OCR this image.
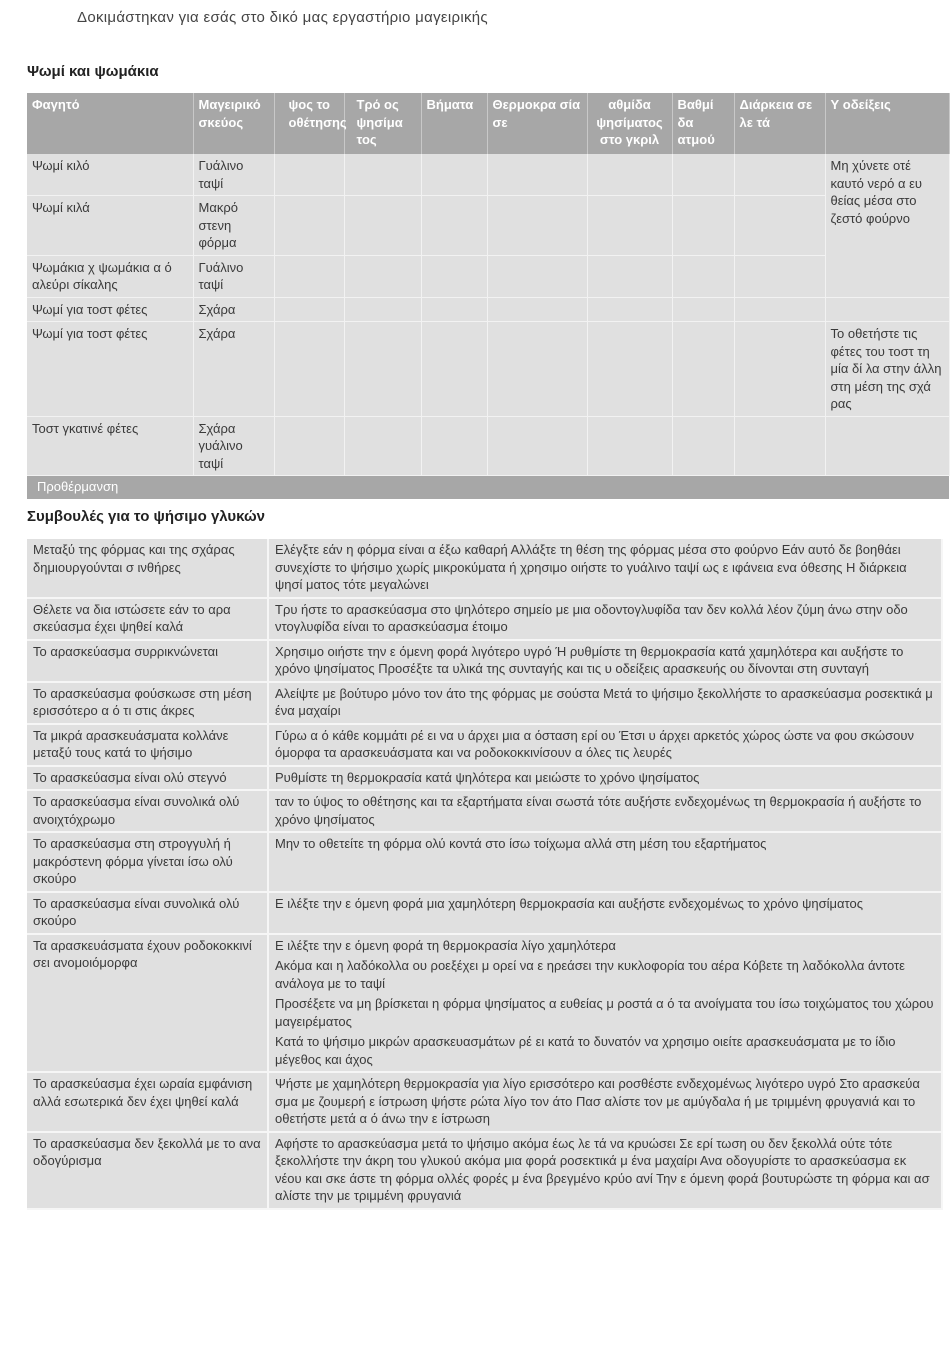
Δοκιμάστηκαν για εσάς στο δικό μας εργαστήριο μαγειρικής
Ψωμί και ψωμάκια
Φαγητό	Μαγειρικό σκεύος	ψος το οθέτησης	Τρό ος ψησίμα τος	Βήματα	Θερμοκρα σία σε	αθμίδα ψησίματος στο γκριλ	Βαθμί δα ατμού	Διάρκεια σε λε τά	Υ οδείξεις
Ψωμί κιλό	Γυάλινο ταψί								Μη χύνετε οτέ καυτό νερό α ευ θείας μέσα στο ζεστό φούρνο
Ψωμί κιλά	Μακρό στενη φόρμα								
Ψωμάκια χ ψωμάκια α ό αλεύρι σίκαλης	Γυάλινο ταψί								
Ψωμί για τοστ φέτες	Σχάρα								
Ψωμί για τοστ φέτες	Σχάρα								Το οθετήστε τις φέτες του τοστ τη μία δί λα στην άλλη στη μέση της σχά ρας
Τοστ γκατινέ φέτες	Σχάρα γυάλινο ταψί								
Προθέρμανση									
Συμβουλές για το ψήσιμο γλυκών
Μεταξύ της φόρμας και της σχάρας δημιουργούνται σ ινθήρες	Ελέγξτε εάν η φόρμα είναι α έξω καθαρή Αλλάξτε τη θέση της φόρμας μέσα στο φούρνο Εάν αυτό δε βοηθάει συνεχίστε το ψήσιμο χωρίς μικροκύματα ή χρησιμο οιήστε το γυάλινο ταψί ως ε ιφάνεια ενα όθεσης Η διάρκεια ψησί ματος τότε μεγαλώνει

Θέλετε να δια ιστώσετε εάν το αρα σκεύασμα έχει ψηθεί καλά	Τρυ ήστε το αρασκεύασμα στο ψηλότερο σημείο με μια οδοντογλυφίδα ταν δεν κολλά λέον ζύμη άνω στην οδο ντογλυφίδα είναι το αρασκεύασμα έτοιμο

Το αρασκεύασμα συρρικνώνεται	Χρησιμο οιήστε την ε όμενη φορά λιγότερο υγρό Ή ρυθμίστε τη θερμοκρασία κατά χαμηλότερα και αυξήστε το χρόνο ψησίματος Προσέξτε τα υλικά της συνταγής και τις υ οδείξεις αρασκευής ου δίνονται στη συνταγή

Το αρασκεύασμα φούσκωσε στη μέση ερισσότερο α ό τι στις άκρες	Αλείψτε με βούτυρο μόνο τον άτο της φόρμας με σούστα Μετά το ψήσιμο ξεκολλήστε το αρασκεύασμα ροσεκτικά μ ένα μαχαίρι

Τα μικρά αρασκευάσματα κολλάνε μεταξύ τους κατά το ψήσιμο	Γύρω α ό κάθε κομμάτι ρέ ει να υ άρχει μια α όσταση ερί ου Έτσι υ άρχει αρκετός χώρος ώστε να φου σκώσουν όμορφα τα αρασκευάσματα και να ροδοκοκκινίσουν α όλες τις λευρές

Το αρασκεύασμα είναι ολύ στεγνό	Ρυθμίστε τη θερμοκρασία κατά ψηλότερα και μειώστε το χρόνο ψησίματος

Το αρασκεύασμα είναι συνολικά ολύ ανοιχτόχρωμο	ταν το ύψος το οθέτησης και τα εξαρτήματα είναι σωστά τότε αυξήστε ενδεχομένως τη θερμοκρασία ή αυξήστε το χρόνο ψησίματος

Το αρασκεύασμα στη στρογγυλή ή μακρόστενη φόρμα γίνεται ίσω ολύ σκούρο	Μην το οθετείτε τη φόρμα ολύ κοντά στο ίσω τοίχωμα αλλά στη μέση του εξαρτήματος

Το αρασκεύασμα είναι συνολικά ολύ σκούρο	Ε ιλέξτε την ε όμενη φορά μια χαμηλότερη θερμοκρασία και αυξήστε ενδεχομένως το χρόνο ψησίματος

Τα αρασκευάσματα έχουν ροδοκοκκινί σει ανομοιόμορφα	Ε ιλέξτε την ε όμενη φορά τη θερμοκρασία λίγο χαμηλότερα

Ακόμα και η λαδόκολλα ου ροεξέχει μ ορεί να ε ηρεάσει την κυκλοφορία του αέρα Κόβετε τη λαδόκολλα άντοτε ανάλογα με το ταψί

Προσέξετε να μη βρίσκεται η φόρμα ψησίματος α ευθείας μ ροστά α ό τα ανοίγματα του ίσω τοιχώματος του χώρου μαγειρέματος

Κατά το ψήσιμο μικρών αρασκευασμάτων ρέ ει κατά το δυνατόν να χρησιμο οιείτε αρασκευάσματα με το ίδιο μέγεθος και άχος

Το αρασκεύασμα έχει ωραία εμφάνιση αλλά εσωτερικά δεν έχει ψηθεί καλά	Ψήστε με χαμηλότερη θερμοκρασία για λίγο ερισσότερο και ροσθέστε ενδεχομένως λιγότερο υγρό Στο αρασκεύα σμα με ζουμερή ε ίστρωση ψήστε ρώτα λίγο τον άτο Πασ αλίστε τον με αμύγδαλα ή με τριμμένη φρυγανιά και το οθετήστε μετά α ό άνω την ε ίστρωση

Το αρασκεύασμα δεν ξεκολλά με το ανα οδογύρισμα	Αφήστε το αρασκεύασμα μετά το ψήσιμο ακόμα έως λε τά να κρυώσει Σε ερί τωση ου δεν ξεκολλά ούτε τότε ξεκολλήστε την άκρη του γλυκού ακόμα μια φορά ροσεκτικά μ ένα μαχαίρι Ανα οδογυρίστε το αρασκεύασμα εκ νέου και σκε άστε τη φόρμα ολλές φορές μ ένα βρεγμένο κρύο ανί Την ε όμενη φορά βουτυρώστε τη φόρμα και ασ αλίστε την με τριμμένη φρυγανιά
